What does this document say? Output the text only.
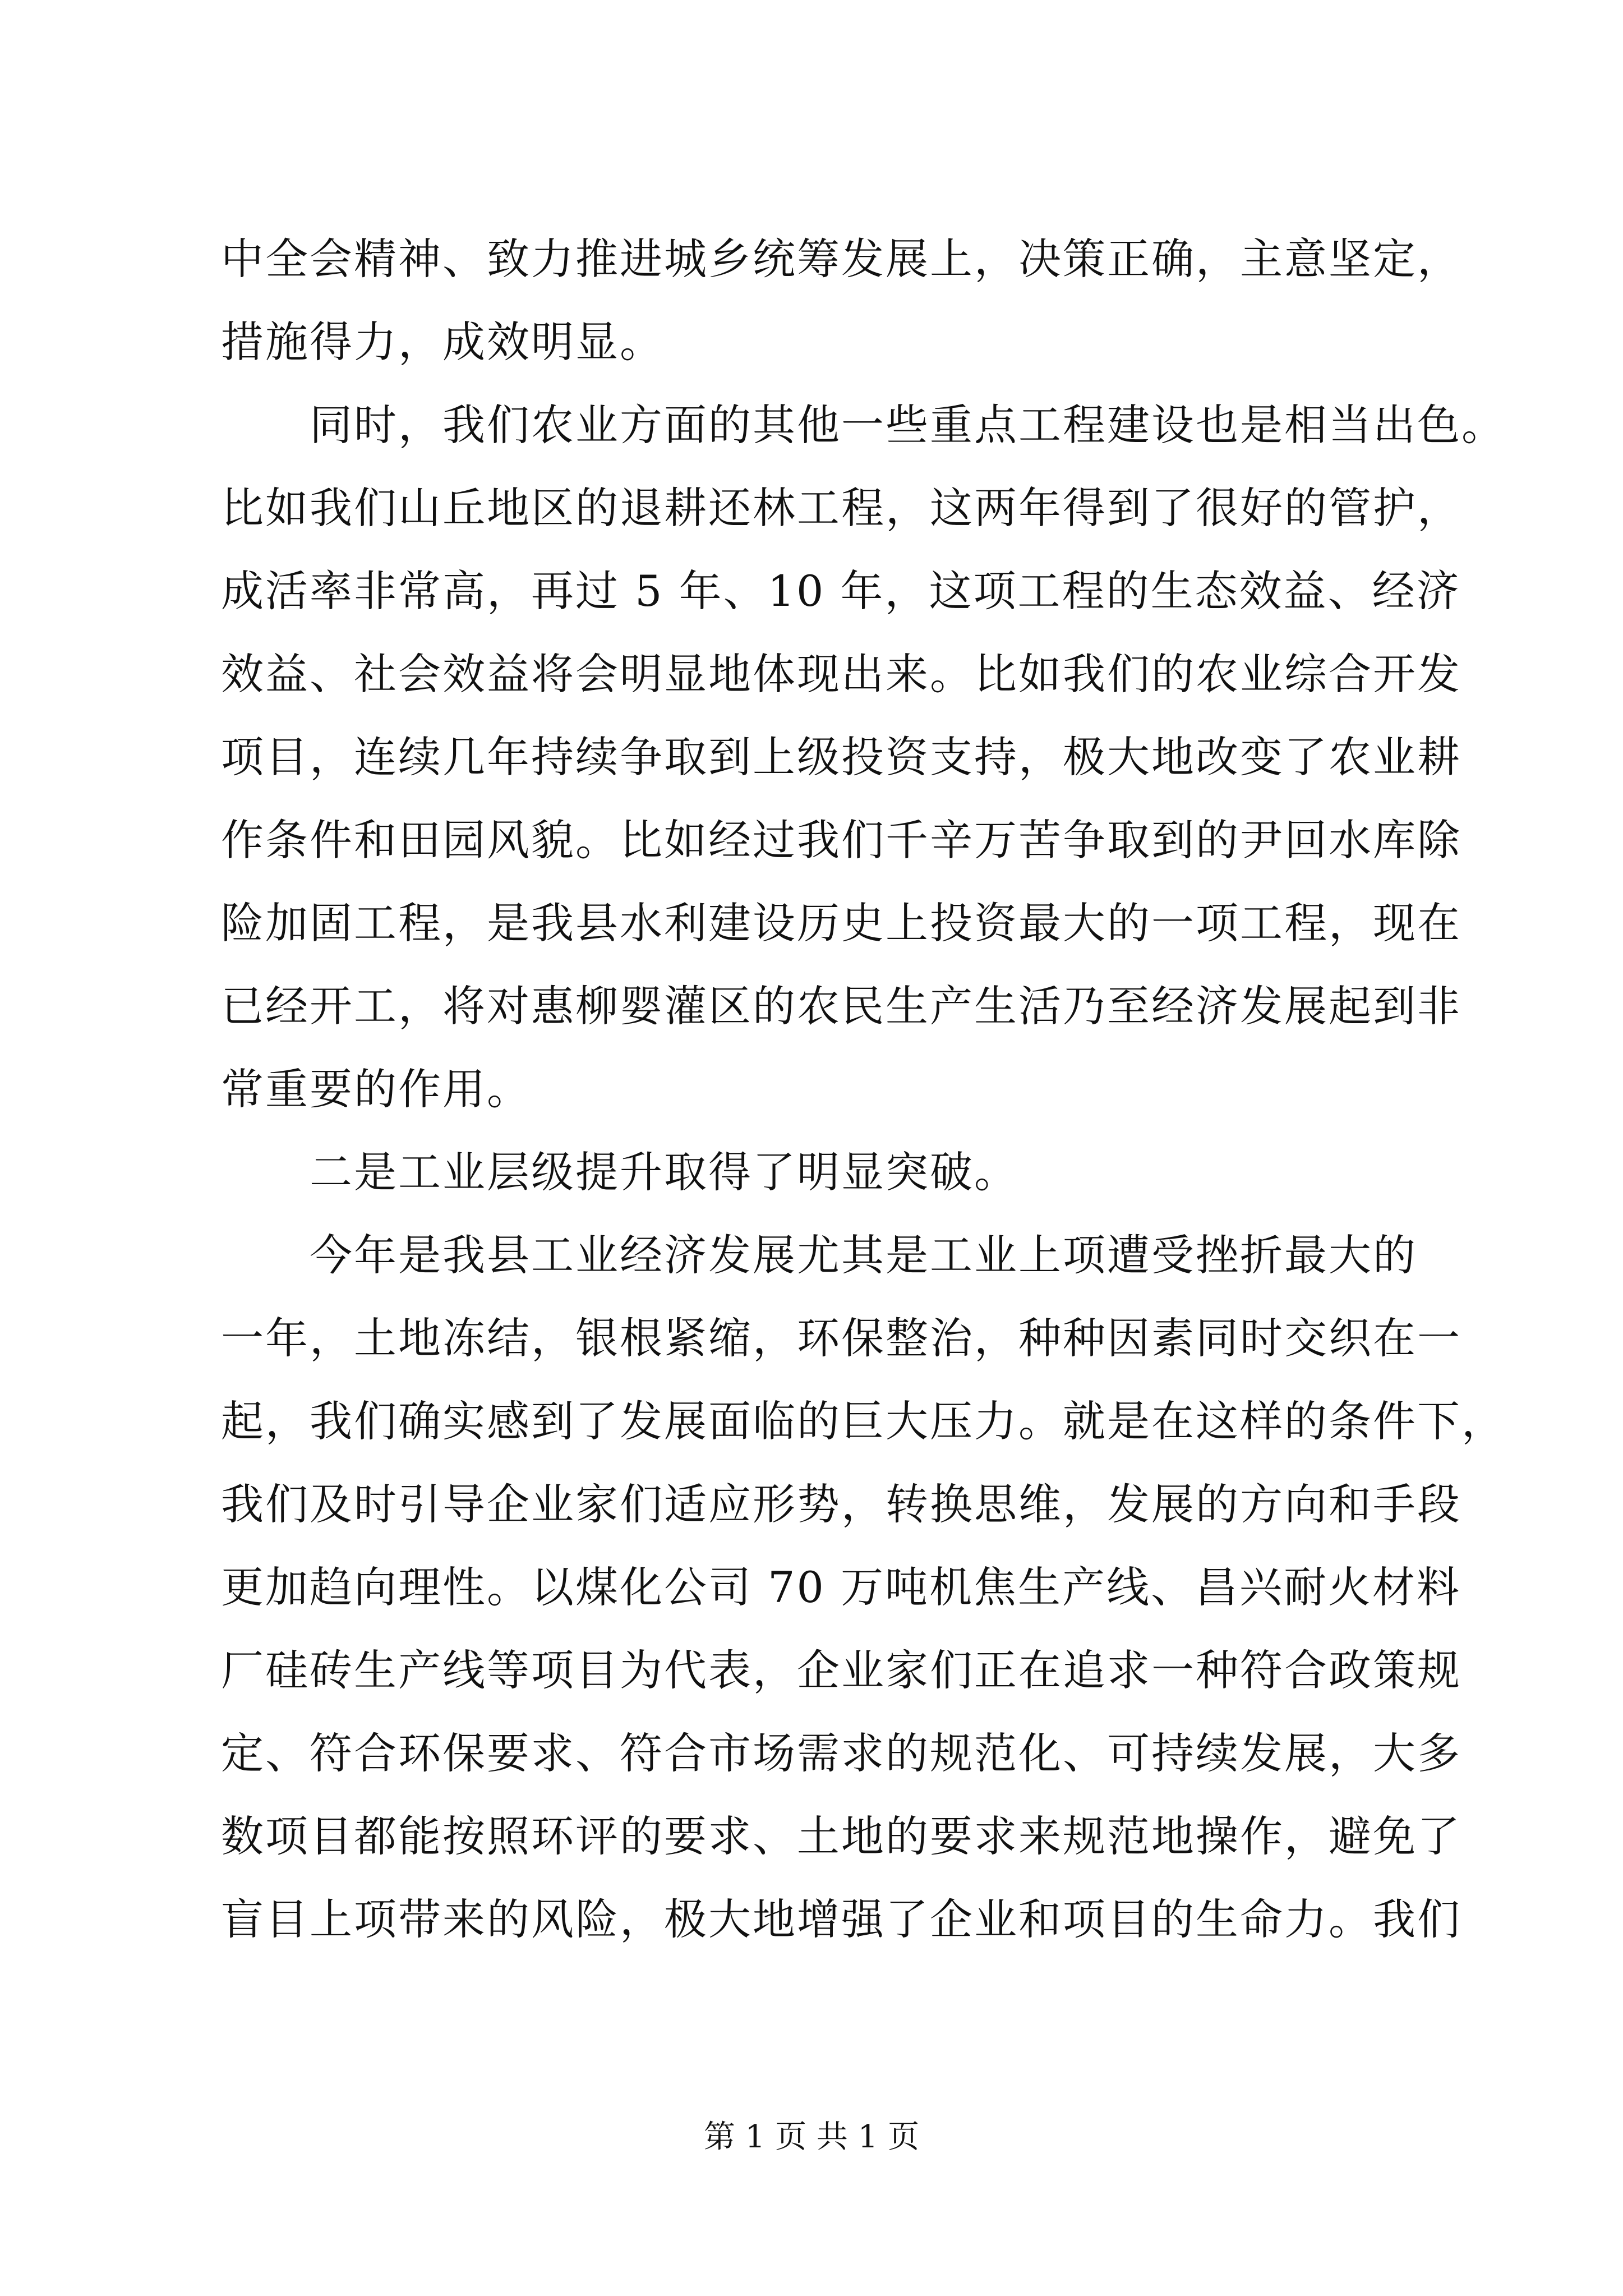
中全会精神、致力推进城乡统筹发展上，决策正确，主意坚定，
措施得力，成效明显。
同时，我们农业方面的其他一些重点工程建设也是相当出色。
比如我们山丘地区的退耕还林工程，这两年得到了很好的管护，
成活率非常高，再过 5 年、10 年，这项工程的生态效益、经济
效益、社会效益将会明显地体现出来。比如我们的农业综合开发
项目，连续几年持续争取到上级投资支持，极大地改变了农业耕
作条件和田园风貌。比如经过我们千辛万苦争取到的尹回水库除
险加固工程，是我县水利建设历史上投资最大的一项工程，现在
已经开工，将对惠柳婴灌区的农民生产生活乃至经济发展起到非
常重要的作用。
二是工业层级提升取得了明显突破。
今年是我县工业经济发展尤其是工业上项遭受挫折最大的
一年，土地冻结，银根紧缩，环保整治，种种因素同时交织在一
起，我们确实感到了发展面临的巨大压力。就是在这样的条件下，
我们及时引导企业家们适应形势，转换思维，发展的方向和手段
更加趋向理性。以煤化公司 70 万吨机焦生产线、昌兴耐火材料
厂硅砖生产线等项目为代表，企业家们正在追求一种符合政策规
定、符合环保要求、符合市场需求的规范化、可持续发展，大多
数项目都能按照环评的要求、土地的要求来规范地操作，避免了
盲目上项带来的风险，极大地增强了企业和项目的生命力。我们
第 1 页 共 1 页
